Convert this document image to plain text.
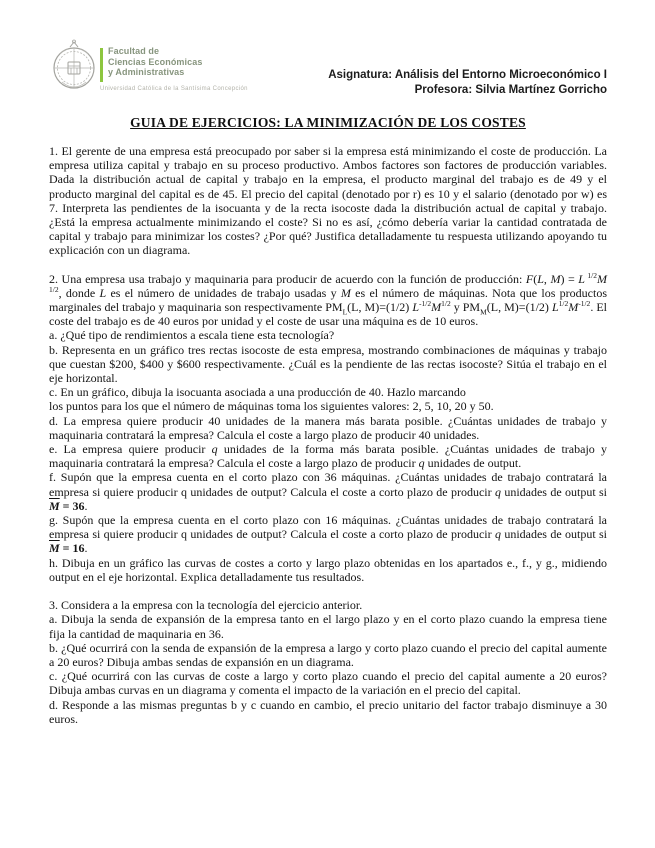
Facultad de
Ciencias Económicas
y Administrativas
Universidad Católica de la Santísima Concepción
Asignatura: Análisis del Entorno Microeconómico I
Profesora: Silvia Martínez Gorricho
GUIA DE EJERCICIOS: LA MINIMIZACIÓN DE LOS COSTES

1. El gerente de una empresa está preocupado por saber si la empresa está minimizando el coste de producción. La empresa utiliza capital y trabajo en su proceso productivo. Ambos factores son factores de producción variables. Dada la distribución actual de capital y trabajo en la empresa, el producto marginal del trabajo es de 49 y el producto marginal del capital es de 45. El precio del capital (denotado por r) es 10 y el salario (denotado por w) es 7. Interpreta las pendientes de la isocuanta y de la recta isocoste dada la distribución actual de capital y trabajo. ¿Está la empresa actualmente minimizando el coste? Si no es así, ¿cómo debería variar la cantidad contratada de capital y trabajo para minimizar los costes? ¿Por qué? Justifica detalladamente tu respuesta utilizando apoyando tu explicación con un diagrama.

2. Una empresa usa trabajo y maquinaria para producir de acuerdo con la función de producción: F(L, M) = L $^{1/2}$M $^{1/2}$, donde L es el número de unidades de trabajo usadas y M es el número de máquinas. Nota que los productos marginales del trabajo y maquinaria son respectivamente $PM_L(L$, M)=(1/2) $L^{-1/2}M^{1/2}$ y $PM_M(L$, M)=(1/2) $L^{1/2}M^{-1/2}$. El coste del trabajo es de 40 euros por unidad y el coste de usar una máquina es de 10 euros.

a. ¿Qué tipo de rendimientos a escala tiene esta tecnología?

b. Representa en un gráfico tres rectas isocoste de esta empresa, mostrando combinaciones de máquinas y trabajo que cuestan $200, $400 y $600 respectivamente. ¿Cuál es la pendiente de las rectas isocoste? Sitúa el trabajo en el eje horizontal.

c. En un gráfico, dibuja la isocuanta asociada a una producción de 40. Hazlo marcando
los puntos para los que el número de máquinas toma los siguientes valores: 2, 5, 10, 20 y 50.

d. La empresa quiere producir 40 unidades de la manera más barata posible. ¿Cuántas unidades de trabajo y maquinaria contratará la empresa? Calcula el coste a largo plazo de producir 40 unidades.

e. La empresa quiere producir q unidades de la forma más barata posible. ¿Cuántas unidades de trabajo y maquinaria contratará la empresa? Calcula el coste a largo plazo de producir q unidades de output.

f. Supón que la empresa cuenta en el corto plazo con 36 máquinas. ¿Cuántas unidades de trabajo contratará la empresa si quiere producir q unidades de output? Calcula el coste a corto plazo de producir q unidades de output si $\overline{M} = 36$.

g. Supón que la empresa cuenta en el corto plazo con 16 máquinas. ¿Cuántas unidades de trabajo contratará la empresa si quiere producir q unidades de output? Calcula el coste a corto plazo de producir q unidades de output si $\overline{M} = 16$.

h. Dibuja en un gráfico las curvas de costes a corto y largo plazo obtenidas en los apartados e., f., y g., midiendo output en el eje horizontal. Explica detalladamente tus resultados.

3. Considera a la empresa con la tecnología del ejercicio anterior.

a. Dibuja la senda de expansión de la empresa tanto en el largo plazo y en el corto plazo cuando la empresa tiene fija la cantidad de maquinaria en 36.

b. ¿Qué ocurrirá con la senda de expansión de la empresa a largo y corto plazo cuando el precio del capital aumente a 20 euros? Dibuja ambas sendas de expansión en un diagrama.

c. ¿Qué ocurrirá con las curvas de coste a largo y corto plazo cuando el precio del capital aumente a 20 euros? Dibuja ambas curvas en un diagrama y comenta el impacto de la variación en el precio del capital.

d. Responde a las mismas preguntas b y c cuando en cambio, el precio unitario del factor trabajo disminuye a 30 euros.
